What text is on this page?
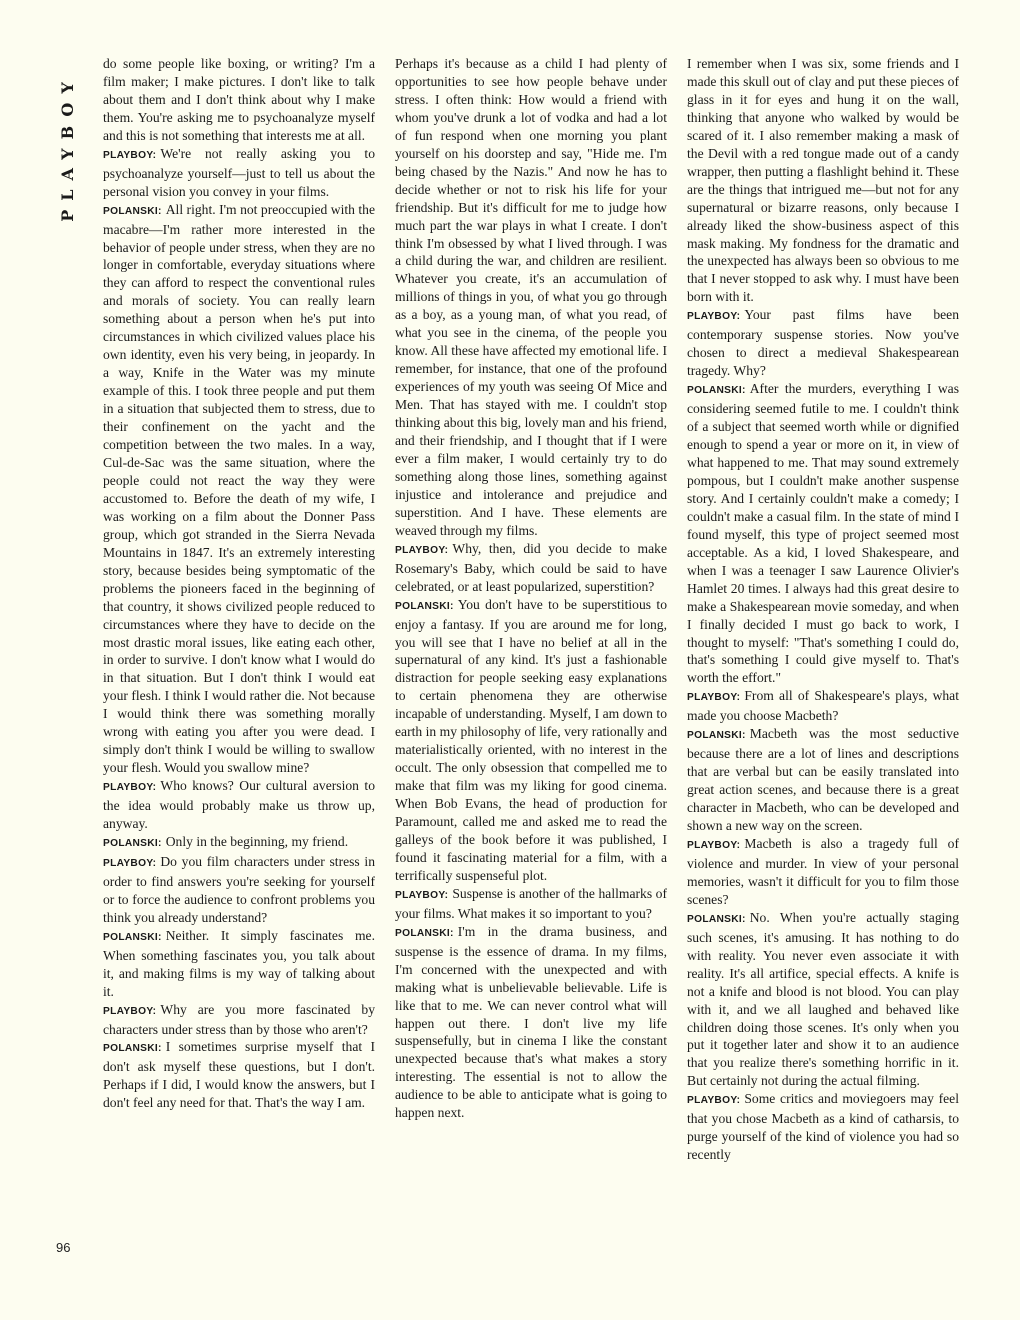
PLAYBOY
96

do some people like boxing, or writing? I'm a film maker; I make pictures. I don't like to talk about them and I don't think about why I make them. You're asking me to psychoanalyze myself and this is not something that interests me at all.

PLAYBOY: We're not really asking you to psychoanalyze yourself—just to tell us about the personal vision you convey in your films.

POLANSKI: All right. I'm not preoccupied with the macabre—I'm rather more interested in the behavior of people under stress, when they are no longer in comfortable, everyday situations where they can afford to respect the conventional rules and morals of society. You can really learn something about a person when he's put into circumstances in which civilized values place his own identity, even his very being, in jeopardy. In a way, Knife in the Water was my minute example of this. I took three people and put them in a situation that subjected them to stress, due to their confinement on the yacht and the competition between the two males. In a way, Cul-de-Sac was the same situation, where the people could not react the way they were accustomed to. Before the death of my wife, I was working on a film about the Donner Pass group, which got stranded in the Sierra Nevada Mountains in 1847. It's an extremely interesting story, because besides being symptomatic of the problems the pioneers faced in the beginning of that country, it shows civilized people reduced to circumstances where they have to decide on the most drastic moral issues, like eating each other, in order to survive. I don't know what I would do in that situation. But I don't think I would eat your flesh. I think I would rather die. Not because I would think there was something morally wrong with eating you after you were dead. I simply don't think I would be willing to swallow your flesh. Would you swallow mine?

PLAYBOY: Who knows? Our cultural aversion to the idea would probably make us throw up, anyway.

POLANSKI: Only in the beginning, my friend.

PLAYBOY: Do you film characters under stress in order to find answers you're seeking for yourself or to force the audience to confront problems you think you already understand?

POLANSKI: Neither. It simply fascinates me. When something fascinates you, you talk about it, and making films is my way of talking about it.

PLAYBOY: Why are you more fascinated by characters under stress than by those who aren't?

POLANSKI: I sometimes surprise myself that I don't ask myself these questions, but I don't. Perhaps if I did, I would know the answers, but I don't feel any need for that. That's the way I am.

Perhaps it's because as a child I had plenty of opportunities to see how people behave under stress. I often think: How would a friend with whom you've drunk a lot of vodka and had a lot of fun respond when one morning you plant yourself on his doorstep and say, "Hide me. I'm being chased by the Nazis." And now he has to decide whether or not to risk his life for your friendship. But it's difficult for me to judge how much part the war plays in what I create. I don't think I'm obsessed by what I lived through. I was a child during the war, and children are resilient. Whatever you create, it's an accumulation of millions of things in you, of what you go through as a boy, as a young man, of what you read, of what you see in the cinema, of the people you know. All these have affected my emotional life. I remember, for instance, that one of the profound experiences of my youth was seeing Of Mice and Men. That has stayed with me. I couldn't stop thinking about this big, lovely man and his friend, and their friendship, and I thought that if I were ever a film maker, I would certainly try to do something along those lines, something against injustice and intolerance and prejudice and superstition. And I have. These elements are weaved through my films.

PLAYBOY: Why, then, did you decide to make Rosemary's Baby, which could be said to have celebrated, or at least popularized, superstition?

POLANSKI: You don't have to be superstitious to enjoy a fantasy. If you are around me for long, you will see that I have no belief at all in the supernatural of any kind. It's just a fashionable distraction for people seeking easy explanations to certain phenomena they are otherwise incapable of understanding. Myself, I am down to earth in my philosophy of life, very rationally and materialistically oriented, with no interest in the occult. The only obsession that compelled me to make that film was my liking for good cinema. When Bob Evans, the head of production for Paramount, called me and asked me to read the galleys of the book before it was published, I found it fascinating material for a film, with a terrifically suspenseful plot.

PLAYBOY: Suspense is another of the hallmarks of your films. What makes it so important to you?

POLANSKI: I'm in the drama business, and suspense is the essence of drama. In my films, I'm concerned with the unexpected and with making what is unbelievable believable. Life is like that to me. We can never control what will happen out there. I don't live my life suspensefully, but in cinema I like the constant unexpected because that's what makes a story interesting. The essential is not to allow the audience to be able to anticipate what is going to happen next.

I remember when I was six, some friends and I made this skull out of clay and put these pieces of glass in it for eyes and hung it on the wall, thinking that anyone who walked by would be scared of it. I also remember making a mask of the Devil with a red tongue made out of a candy wrapper, then putting a flashlight behind it. These are the things that intrigued me—but not for any supernatural or bizarre reasons, only because I already liked the show-business aspect of this mask making. My fondness for the dramatic and the unexpected has always been so obvious to me that I never stopped to ask why. I must have been born with it.

PLAYBOY: Your past films have been contemporary suspense stories. Now you've chosen to direct a medieval Shakespearean tragedy. Why?

POLANSKI: After the murders, everything I was considering seemed futile to me. I couldn't think of a subject that seemed worth while or dignified enough to spend a year or more on it, in view of what happened to me. That may sound extremely pompous, but I couldn't make another suspense story. And I certainly couldn't make a comedy; I couldn't make a casual film. In the state of mind I found myself, this type of project seemed most acceptable. As a kid, I loved Shakespeare, and when I was a teenager I saw Laurence Olivier's Hamlet 20 times. I always had this great desire to make a Shakespearean movie someday, and when I finally decided I must go back to work, I thought to myself: "That's something I could do, that's something I could give myself to. That's worth the effort."

PLAYBOY: From all of Shakespeare's plays, what made you choose Macbeth?

POLANSKI: Macbeth was the most seductive because there are a lot of lines and descriptions that are verbal but can be easily translated into great action scenes, and because there is a great character in Macbeth, who can be developed and shown a new way on the screen.

PLAYBOY: Macbeth is also a tragedy full of violence and murder. In view of your personal memories, wasn't it difficult for you to film those scenes?

POLANSKI: No. When you're actually staging such scenes, it's amusing. It has nothing to do with reality. You never even associate it with reality. It's all artifice, special effects. A knife is not a knife and blood is not blood. You can play with it, and we all laughed and behaved like children doing those scenes. It's only when you put it together later and show it to an audience that you realize there's something horrific in it. But certainly not during the actual filming.

PLAYBOY: Some critics and moviegoers may feel that you chose Macbeth as a kind of catharsis, to purge yourself of the kind of violence you had so recently
